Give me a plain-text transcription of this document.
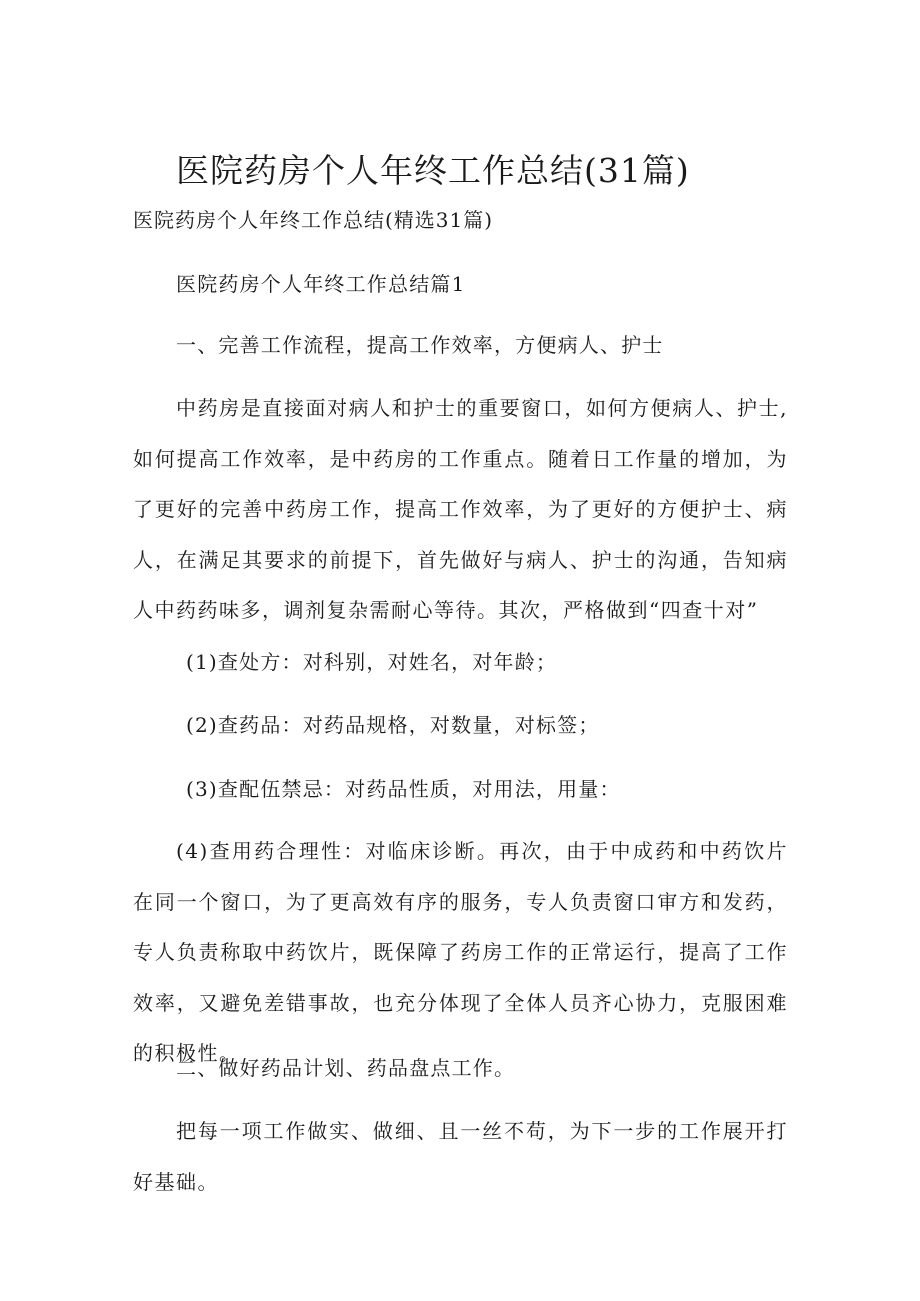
医院药房个人年终工作总结(31篇)
医院药房个人年终工作总结(精选31篇)
医院药房个人年终工作总结篇1
一、完善工作流程，提高工作效率，方便病人、护士

中药房是直接面对病人和护士的重要窗口，如何方便病人、护士,如何提高工作效率，是中药房的工作重点。随着日工作量的增加，为了更好的完善中药房工作，提高工作效率，为了更好的方便护士、病人，在满足其要求的前提下，首先做好与病人、护士的沟通，告知病人中药药味多，调剂复杂需耐心等待。其次，严格做到“四查十对”

(1)查处方：对科别，对姓名，对年龄；
(2)查药品：对药品规格，对数量，对标签；
(3)查配伍禁忌：对药品性质，对用法，用量：

(4)查用药合理性：对临床诊断。再次，由于中成药和中药饮片在同一个窗口，为了更高效有序的服务，专人负责窗口审方和发药，专人负责称取中药饮片，既保障了药房工作的正常运行，提高了工作效率，又避免差错事故，也充分体现了全体人员齐心协力，克服困难的积极性。

二、做好药品计划、药品盘点工作。

把每一项工作做实、做细、且一丝不苟，为下一步的工作展开打好基础。
